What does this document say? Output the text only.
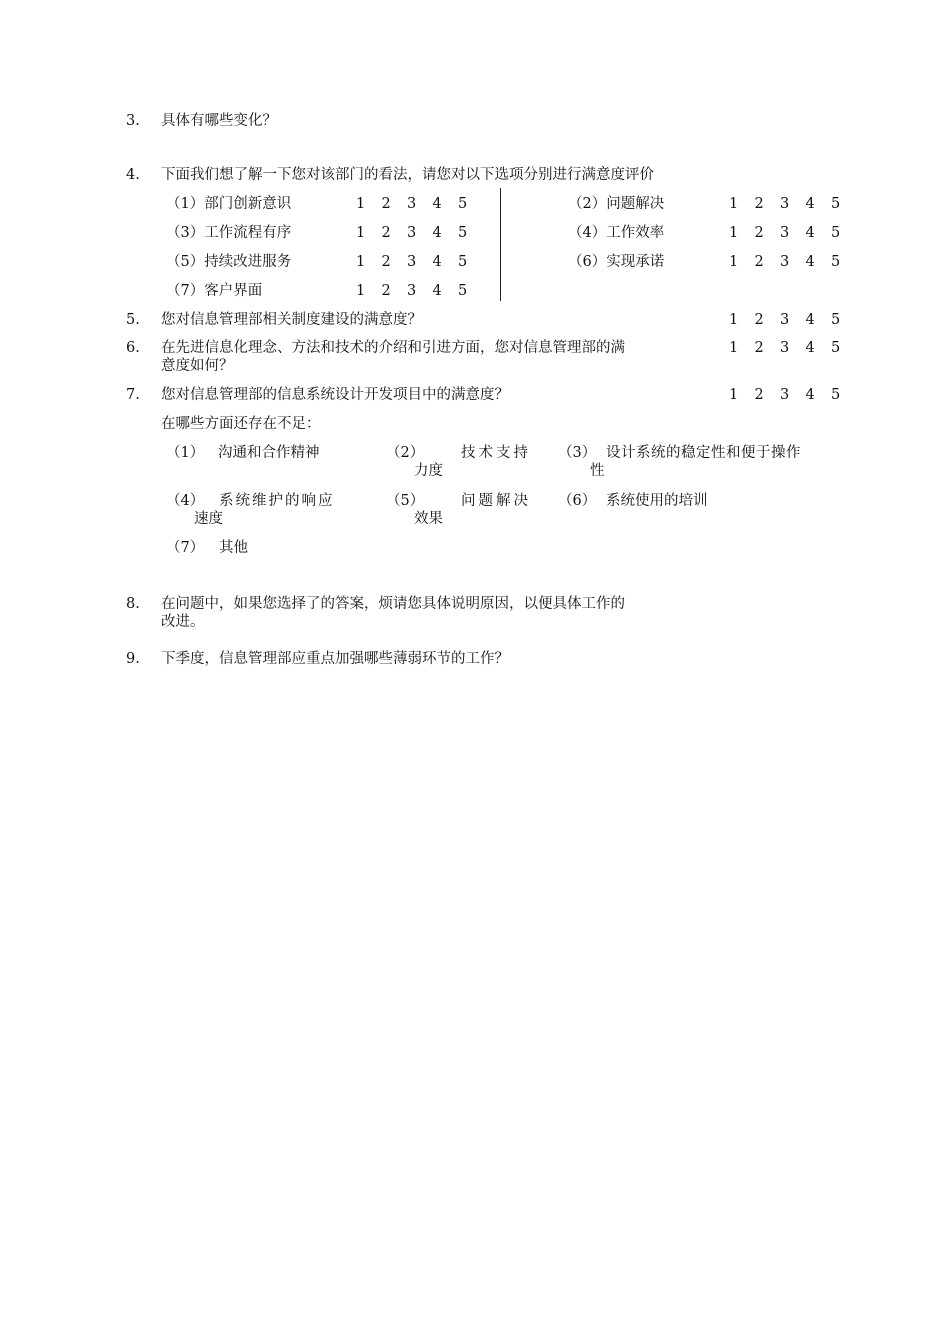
3. 具体有哪些变化？
4. 下面我们想了解一下您对该部门的看法，请您对以下选项分别进行满意度评价
（1）部门创新意识	1 2 3 4 5	（2）问题解决	1 2 3 4 5
（3）工作流程有序	1 2 3 4 5	（4）工作效率	1 2 3 4 5
（5）持续改进服务	1 2 3 4 5	（6）实现承诺	1 2 3 4 5
（7）客户界面	1 2 3 4 5
5. 您对信息管理部相关制度建设的满意度？	1 2 3 4 5
6. 在先进信息化理念、方法和技术的介绍和引进方面，您对信息管理部的满
意度如何？
1 2 3 4 5
7. 您对信息管理部的信息系统设计开发项目中的满意度？	1 2 3 4 5
在哪些方面还存在不足：
（1） 沟通和合作精神	（2）	技术支持
力度
（3） 设计系统的稳定性和便于操作
性
（4） 系统维护的响应
速度
（5）	问题解决
效果
（6） 系统使用的培训
（7） 其他
8. 在问题中，如果您选择了的答案，烦请您具体说明原因，以便具体工作的
改进。
9. 下季度，信息管理部应重点加强哪些薄弱环节的工作？
